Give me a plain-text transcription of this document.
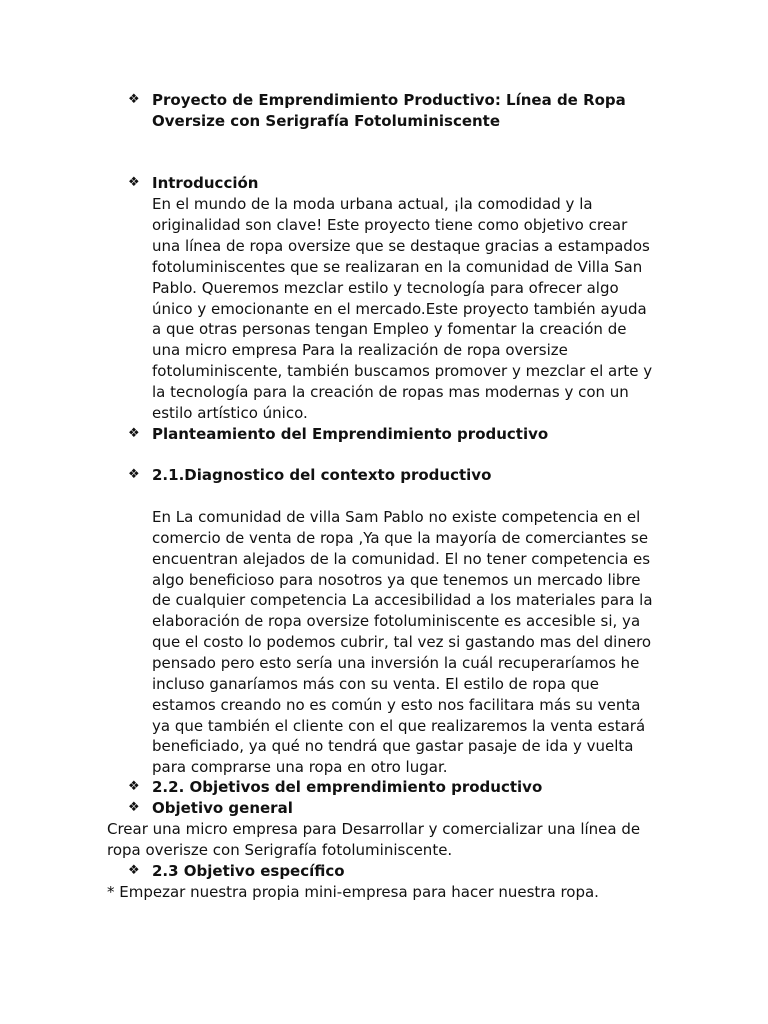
❖ Proyecto de Emprendimiento Productivo: Línea de Ropa
Oversize con Serigrafía Fotoluminiscente
❖ Introducción
En el mundo de la moda urbana actual, ¡la comodidad y la
originalidad son clave! Este proyecto tiene como objetivo crear
una línea de ropa oversize que se destaque gracias a estampados
fotoluminiscentes que se realizaran en la comunidad de Villa San
Pablo. Queremos mezclar estilo y tecnología para ofrecer algo
único y emocionante en el mercado.Este proyecto también ayuda
a que otras personas tengan Empleo y fomentar la creación de
una micro empresa Para la realización de ropa oversize
fotoluminiscente, también buscamos promover y mezclar el arte y
la tecnología para la creación de ropas mas modernas y con un
estilo artístico único.
❖ Planteamiento del Emprendimiento productivo
❖ 2.1.Diagnostico del contexto productivo
En La comunidad de villa Sam Pablo no existe competencia en el
comercio de venta de ropa ,Ya que la mayoría de comerciantes se
encuentran alejados de la comunidad. El no tener competencia es
algo beneficioso para nosotros ya que tenemos un mercado libre
de cualquier competencia La accesibilidad a los materiales para la
elaboración de ropa oversize fotoluminiscente es accesible si, ya
que el costo lo podemos cubrir, tal vez si gastando mas del dinero
pensado pero esto sería una inversión la cuál recuperaríamos he
incluso ganaríamos más con su venta. El estilo de ropa que
estamos creando no es común y esto nos facilitara más su venta
ya que también el cliente con el que realizaremos la venta estará
beneficiado, ya qué no tendrá que gastar pasaje de ida y vuelta
para comprarse una ropa en otro lugar.
❖ 2.2. Objetivos del emprendimiento productivo
❖ Objetivo general
Crear una micro empresa para Desarrollar y comercializar una línea de
ropa overisze con Serigrafía fotoluminiscente.
❖ 2.3 Objetivo específico
* Empezar nuestra propia mini-empresa para hacer nuestra ropa.
